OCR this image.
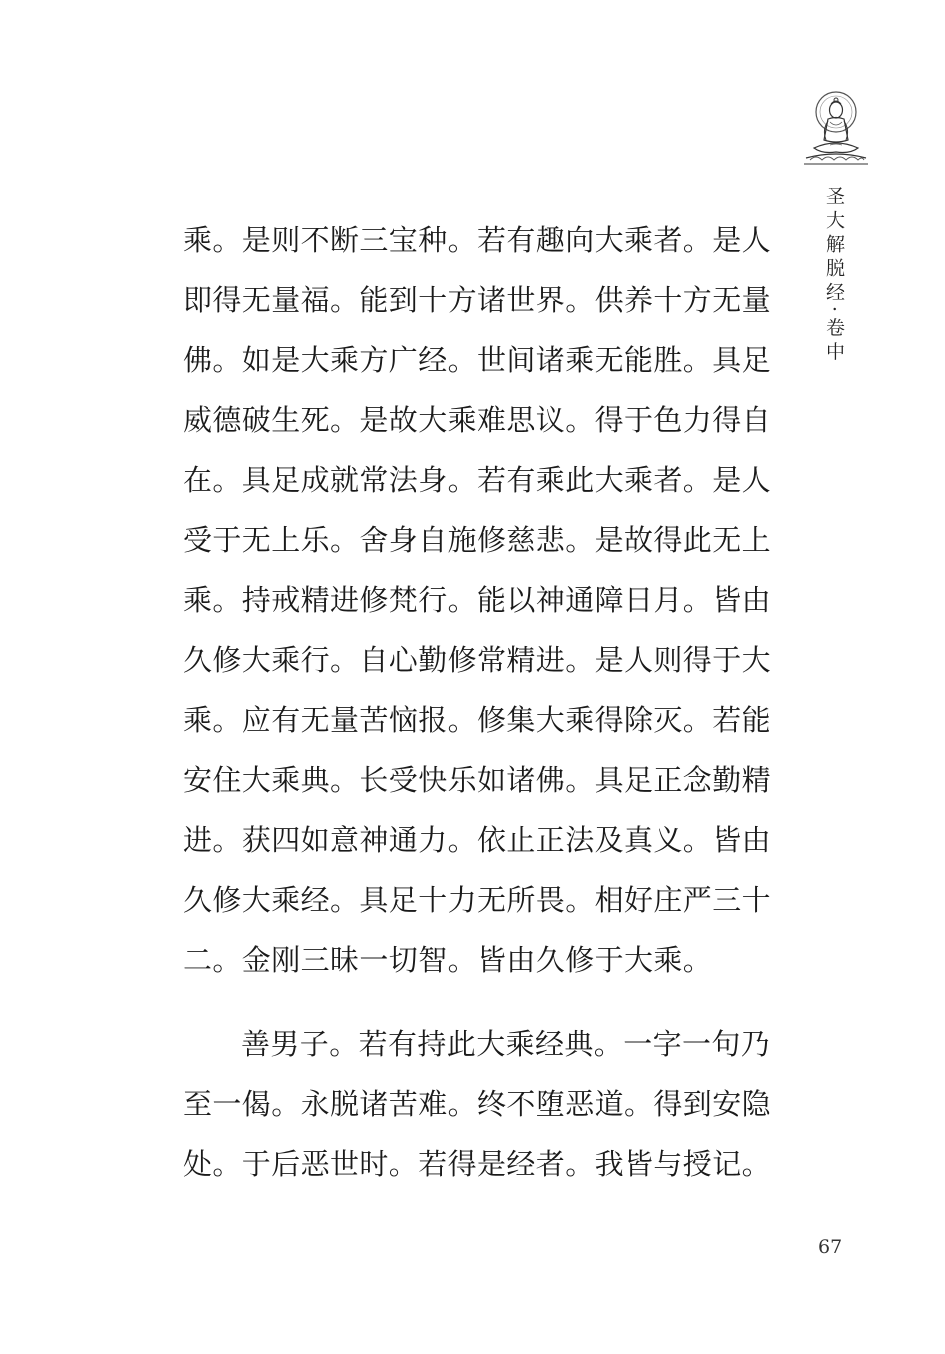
圣大解脱经·卷中
乘。是则不断三宝种。若有趣向大乘者。是人
即得无量福。能到十方诸世界。供养十方无量
佛。如是大乘方广经。世间诸乘无能胜。具足
威德破生死。是故大乘难思议。得于色力得自
在。具足成就常法身。若有乘此大乘者。是人
受于无上乐。舍身自施修慈悲。是故得此无上
乘。持戒精进修梵行。能以神通障日月。皆由
久修大乘行。自心勤修常精进。是人则得于大
乘。应有无量苦恼报。修集大乘得除灭。若能
安住大乘典。长受快乐如诸佛。具足正念勤精
进。获四如意神通力。依止正法及真义。皆由
久修大乘经。具足十力无所畏。相好庄严三十
二。金刚三昧一切智。皆由久修于大乘。
善男子。若有持此大乘经典。一字一句乃
至一偈。永脱诸苦难。终不堕恶道。得到安隐
处。于后恶世时。若得是经者。我皆与授记。
67
